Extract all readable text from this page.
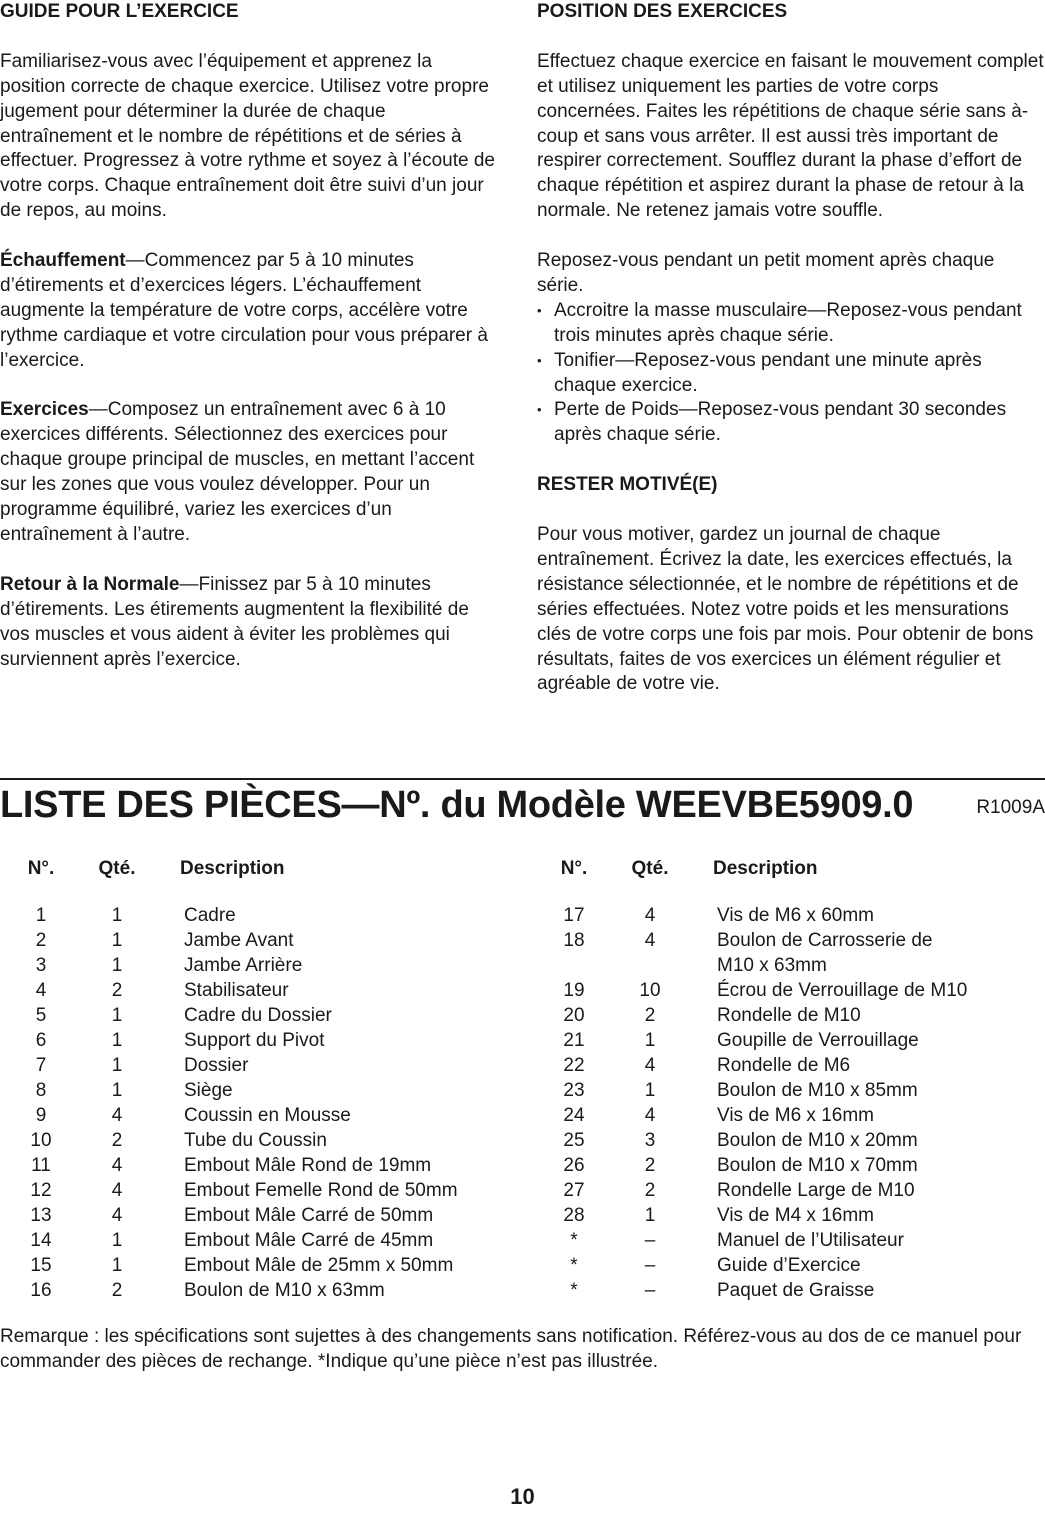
GUIDE POUR L’EXERCICE

Familiarisez-vous avec l’équipement et apprenez la position correcte de chaque exercice. Utilisez votre propre jugement pour déterminer la durée de chaque entraînement et le nombre de répétitions et de séries à effectuer. Progressez à votre rythme et soyez à l’écoute de votre corps. Chaque entraînement doit être suivi d’un jour de repos, au moins.

Échauffement—Commencez par 5 à 10 minutes d’étirements et d’exercices légers. L’échauffement augmente la température de votre corps, accélère votre rythme cardiaque et votre circulation pour vous préparer à l’exercice.

Exercices—Composez un entraînement avec 6 à 10 exercices différents. Sélectionnez des exercices pour chaque groupe principal de muscles, en mettant l’accent sur les zones que vous voulez développer. Pour un programme équilibré, variez les exercices d’un entraînement à l’autre.

Retour à la Normale—Finissez par 5 à 10 minutes d’étirements. Les étirements augmentent la flexibilité de vos muscles et vous aident à éviter les problèmes qui surviennent après l’exercice.

POSITION DES EXERCICES

Effectuez chaque exercice en faisant le mouvement complet et utilisez uniquement les parties de votre corps concernées. Faites les répétitions de chaque série sans à-coup et sans vous arrêter. Il est aussi très important de respirer correctement. Soufflez durant la phase d’effort de chaque répétition et aspirez durant la phase de retour à la normale. Ne retenez jamais votre souffle.

Reposez-vous pendant un petit moment après chaque série.

• Accroitre la masse musculaire—Reposez-vous pendant trois minutes après chaque série.
• Tonifier—Reposez-vous pendant une minute après chaque exercice.
• Perte de Poids—Reposez-vous pendant 30 secondes après chaque série.

RESTER MOTIVÉ(E)

Pour vous motiver, gardez un journal de chaque entraînement. Écrivez la date, les exercices effectués, la résistance sélectionnée, et le nombre de répétitions et de séries effectuées. Notez votre poids et les mensurations clés de votre corps une fois par mois. Pour obtenir de bons résultats, faites de vos exercices un élément régulier et agréable de votre vie.

LISTE DES PIÈCES—Nº. du Modèle WEEVBE5909.0	R1009A
N°.	Qté. Description
1	1	Cadre
2	1	Jambe Avant
3	1	Jambe Arrière
4	2	Stabilisateur
5	1	Cadre du Dossier
6	1	Support du Pivot
7	1	Dossier
8	1	Siège
9	4	Coussin en Mousse
10	2	Tube du Coussin
11	4	Embout Mâle Rond de 19mm
12	4	Embout Femelle Rond de 50mm
13	4	Embout Mâle Carré de 50mm
14	1	Embout Mâle Carré de 45mm
15	1	Embout Mâle de 25mm x 50mm
16	2	Boulon de M10 x 63mm
N°.	Qté. Description
17	4	Vis de M6 x 60mm
18	4	Boulon de Carrosserie de
M10 x 63mm
19	10	Écrou de Verrouillage de M10
20	2	Rondelle de M10
21	1	Goupille de Verrouillage
22	4	Rondelle de M6
23	1	Boulon de M10 x 85mm
24	4	Vis de M6 x 16mm
25	3	Boulon de M10 x 20mm
26	2	Boulon de M10 x 70mm
27	2	Rondelle Large de M10
28	1	Vis de M4 x 16mm
*	–	Manuel de l’Utilisateur
*	–	Guide d’Exercice
*	–	Paquet de Graisse

Remarque : les spécifications sont sujettes à des changements sans notification. Référez-vous au dos de ce manuel pour commander des pièces de rechange. *Indique qu’une pièce n’est pas illustrée.

10
